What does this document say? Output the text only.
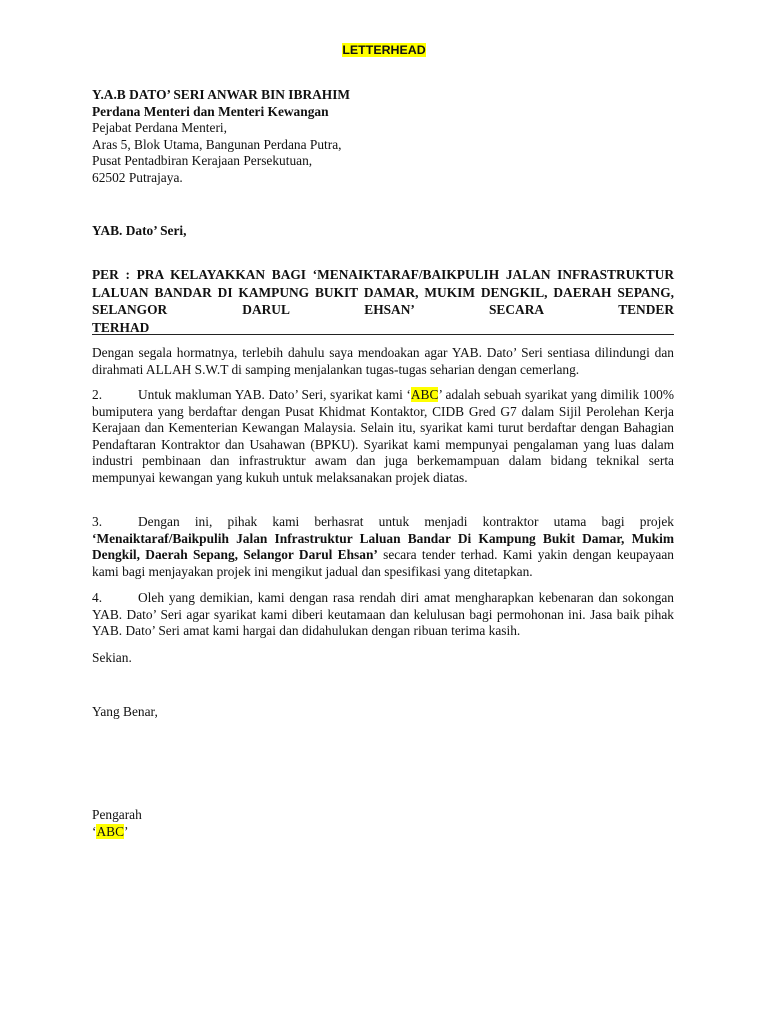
LETTERHEAD
Y.A.B DATO’ SERI ANWAR BIN IBRAHIM
Perdana Menteri dan Menteri Kewangan
Pejabat Perdana Menteri,
Aras 5, Blok Utama, Bangunan Perdana Putra,
Pusat Pentadbiran Kerajaan Persekutuan,
62502 Putrajaya.
YAB. Dato’ Seri,
PER : PRA KELAYAKKAN BAGI ‘MENAIKTARAF/BAIKPULIH JALAN INFRASTRUKTUR LALUAN BANDAR DI KAMPUNG BUKIT DAMAR, MUKIM DENGKIL, DAERAH SEPANG, SELANGOR DARUL EHSAN’ SECARA TENDER
TERHAD
Dengan segala hormatnya, terlebih dahulu saya mendoakan agar YAB. Dato’ Seri sentiasa dilindungi dan dirahmati ALLAH S.W.T di samping menjalankan tugas-tugas seharian dengan cemerlang.
2.	Untuk makluman YAB. Dato’ Seri, syarikat kami ‘ABC’ adalah sebuah syarikat yang dimilik 100% bumiputera yang berdaftar dengan Pusat Khidmat Kontaktor, CIDB Gred G7 dalam Sijil Perolehan Kerja Kerajaan dan Kementerian Kewangan Malaysia. Selain itu, syarikat kami turut berdaftar dengan Bahagian Pendaftaran Kontraktor dan Usahawan (BPKU). Syarikat kami mempunyai pengalaman yang luas dalam industri pembinaan dan infrastruktur awam dan juga berkemampuan dalam bidang teknikal serta mempunyai kewangan yang kukuh untuk melaksanakan projek diatas.
3.	Dengan ini, pihak kami berhasrat untuk menjadi kontraktor utama bagi projek ‘Menaiktaraf/Baikpulih Jalan Infrastruktur Laluan Bandar Di Kampung Bukit Damar, Mukim Dengkil, Daerah Sepang, Selangor Darul Ehsan’ secara tender terhad. Kami yakin dengan keupayaan kami bagi menjayakan projek ini mengikut jadual dan spesifikasi yang ditetapkan.
4.	Oleh yang demikian, kami dengan rasa rendah diri amat mengharapkan kebenaran dan sokongan YAB. Dato’ Seri agar syarikat kami diberi keutamaan dan kelulusan bagi permohonan ini. Jasa baik pihak YAB. Dato’ Seri amat kami hargai dan didahulukan dengan ribuan terima kasih.
Sekian.
Yang Benar,
Pengarah
‘ABC’
